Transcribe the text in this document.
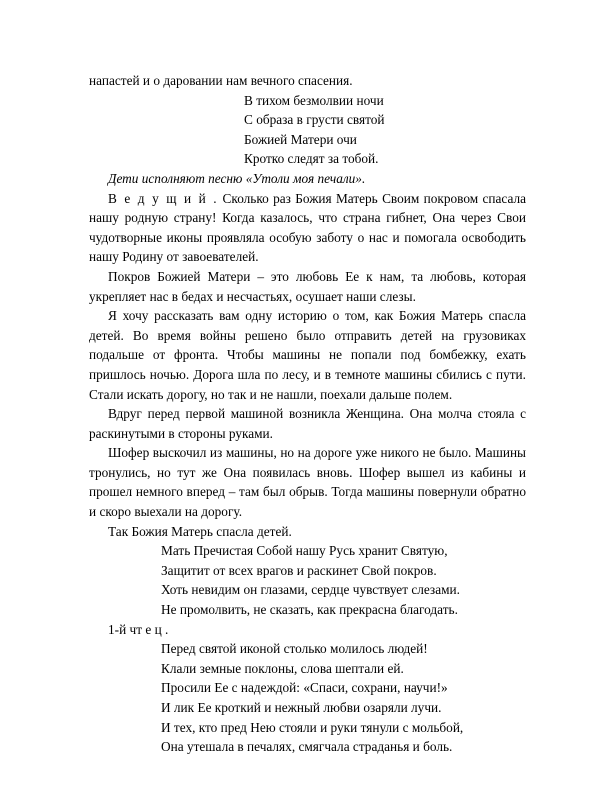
напастей и о даровании нам вечного спасения.
В тихом безмолвии ночи
С образа в грусти святой
Божией Матери очи
Кротко следят за тобой.
Дети исполняют песню «Утоли моя печали».

В е д у щ и й . Сколько раз Божия Матерь Своим покровом спасала нашу родную страну! Когда казалось, что страна гибнет, Она через Свои чудотворные иконы проявляла особую заботу о нас и помогала освободить нашу Родину от завоевателей.

Покров Божией Матери – это любовь Ее к нам, та любовь, которая укрепляет нас в бедах и несчастьях, осушает наши слезы.

Я хочу рассказать вам одну историю о том, как Божия Матерь спасла детей. Во время войны решено было отправить детей на грузовиках подальше от фронта. Чтобы машины не попали под бомбежку, ехать пришлось ночью. Дорога шла по лесу, и в темноте машины сбились с пути. Стали искать дорогу, но так и не нашли, поехали дальше полем.

Вдруг перед первой машиной возникла Женщина. Она молча стояла с раскинутыми в стороны руками.

Шофер выскочил из машины, но на дороге уже никого не было. Машины тронулись, но тут же Она появилась вновь. Шофер вышел из кабины и прошел немного вперед – там был обрыв. Тогда машины повернули обратно и скоро выехали на дорогу.

Так Божия Матерь спасла детей.

Мать Пречистая Собой нашу Русь хранит Святую,
Защитит от всех врагов и раскинет Свой покров.
Хоть невидим он глазами, сердце чувствует слезами.
Не промолвить, не сказать, как прекрасна благодать.
1-й чт е ц .
Перед святой иконой столько молилось людей!
Клали земные поклоны, слова шептали ей.
Просили Ее с надеждой: «Спаси, сохрани, научи!»
И лик Ее кроткий и нежный любви озаряли лучи.
И тех, кто пред Нею стояли и руки тянули с мольбой,
Она утешала в печалях, смягчала страданья и боль.
